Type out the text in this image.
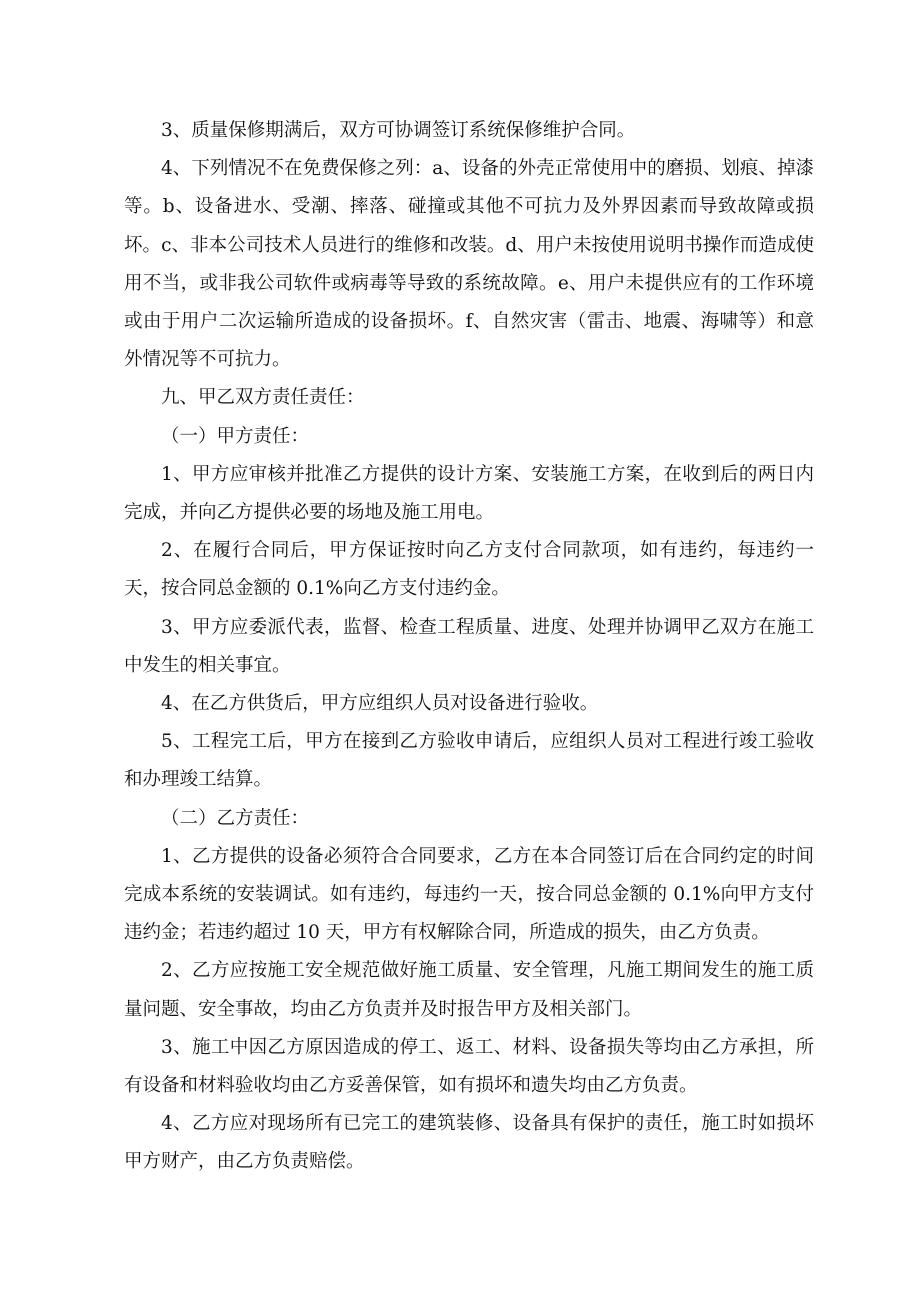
3、质量保修期满后，双方可协调签订系统保修维护合同。

4、下列情况不在免费保修之列：a、设备的外壳正常使用中的磨损、划痕、掉漆等。b、设备进水、受潮、摔落、碰撞或其他不可抗力及外界因素而导致故障或损坏。c、非本公司技术人员进行的维修和改装。d、用户未按使用说明书操作而造成使用不当，或非我公司软件或病毒等导致的系统故障。e、用户未提供应有的工作环境或由于用户二次运输所造成的设备损坏。f、自然灾害（雷击、地震、海啸等）和意外情况等不可抗力。

九、甲乙双方责任责任：

（一）甲方责任：

1、甲方应审核并批准乙方提供的设计方案、安装施工方案，在收到后的两日内完成，并向乙方提供必要的场地及施工用电。

2、在履行合同后，甲方保证按时向乙方支付合同款项，如有违约，每违约一天，按合同总金额的 0.1%向乙方支付违约金。

3、甲方应委派代表，监督、检查工程质量、进度、处理并协调甲乙双方在施工中发生的相关事宜。

4、在乙方供货后，甲方应组织人员对设备进行验收。

5、工程完工后，甲方在接到乙方验收申请后，应组织人员对工程进行竣工验收和办理竣工结算。

（二）乙方责任：

1、乙方提供的设备必须符合合同要求，乙方在本合同签订后在合同约定的时间完成本系统的安装调试。如有违约，每违约一天，按合同总金额的 0.1%向甲方支付违约金；若违约超过 10 天，甲方有权解除合同，所造成的损失，由乙方负责。

2、乙方应按施工安全规范做好施工质量、安全管理，凡施工期间发生的施工质量问题、安全事故，均由乙方负责并及时报告甲方及相关部门。

3、施工中因乙方原因造成的停工、返工、材料、设备损失等均由乙方承担，所有设备和材料验收均由乙方妥善保管，如有损坏和遗失均由乙方负责。

4、乙方应对现场所有已完工的建筑装修、设备具有保护的责任，施工时如损坏甲方财产，由乙方负责赔偿。
